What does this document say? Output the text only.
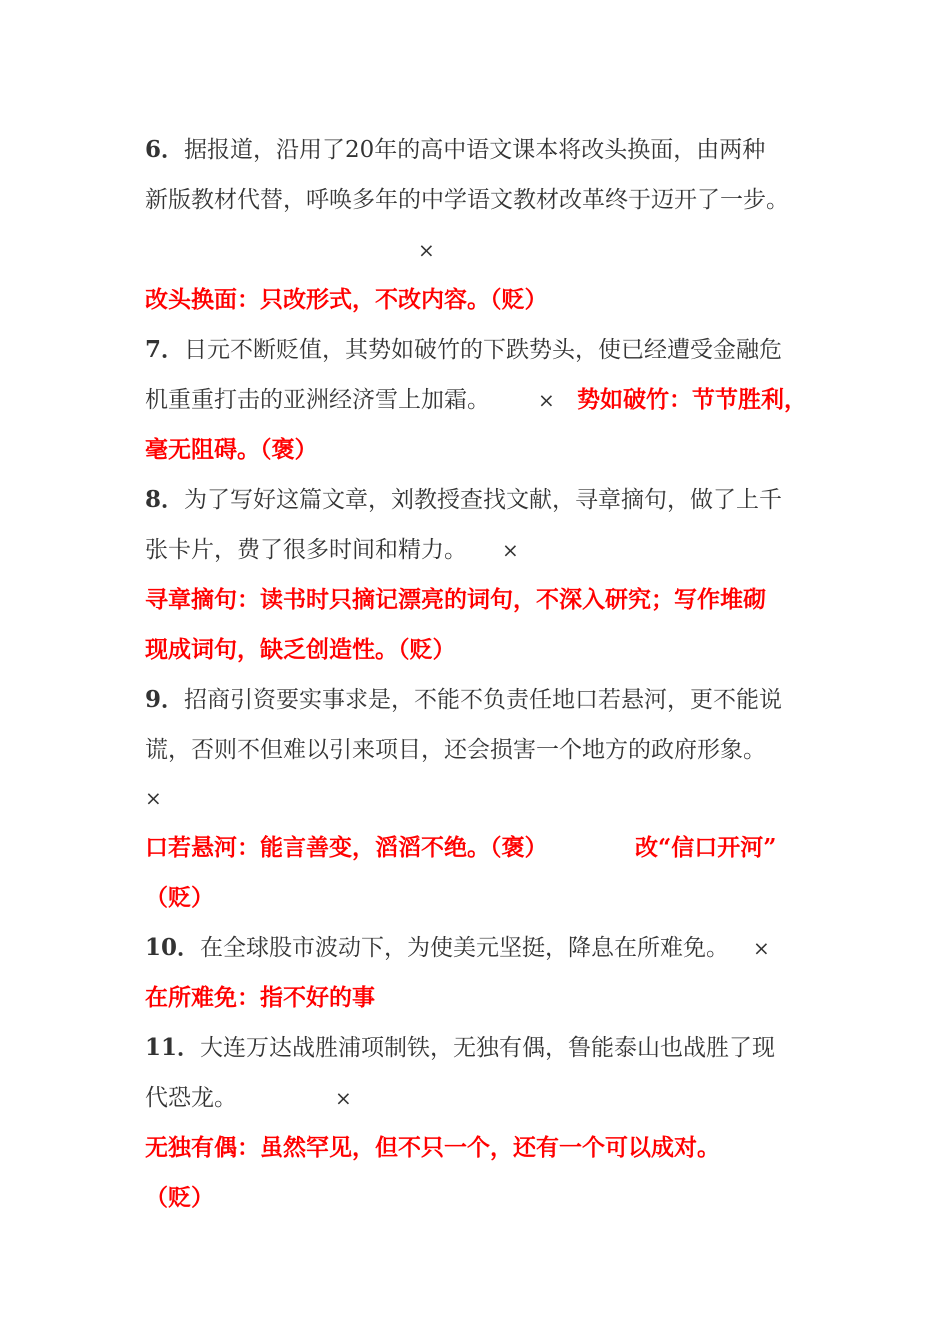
6．据报道，沿用了20年的高中语文课本将改头换面，由两种
新版教材代替，呼唤多年的中学语文教材改革终于迈开了一步。
×
改头换面：只改形式，不改内容。（贬）
7．日元不断贬值，其势如破竹的下跌势头，使已经遭受金融危
机重重打击的亚洲经济雪上加霜。 × 势如破竹：节节胜利，
毫无阻碍。（褒）
8．为了写好这篇文章，刘教授查找文献，寻章摘句，做了上千
张卡片，费了很多时间和精力。 ×
寻章摘句：读书时只摘记漂亮的词句，不深入研究；写作堆砌
现成词句，缺乏创造性。（贬）
9．招商引资要实事求是，不能不负责任地口若悬河，更不能说
谎，否则不但难以引来项目，还会损害一个地方的政府形象。
×
口若悬河：能言善变，滔滔不绝。（褒）	改“信口开河”
（贬）
10．在全球股市波动下，为使美元坚挺，降息在所难免。 ×
在所难免：指不好的事
11．大连万达战胜浦项制铁，无独有偶，鲁能泰山也战胜了现
代恐龙。	×
无独有偶：虽然罕见，但不只一个，还有一个可以成对。
（贬）
